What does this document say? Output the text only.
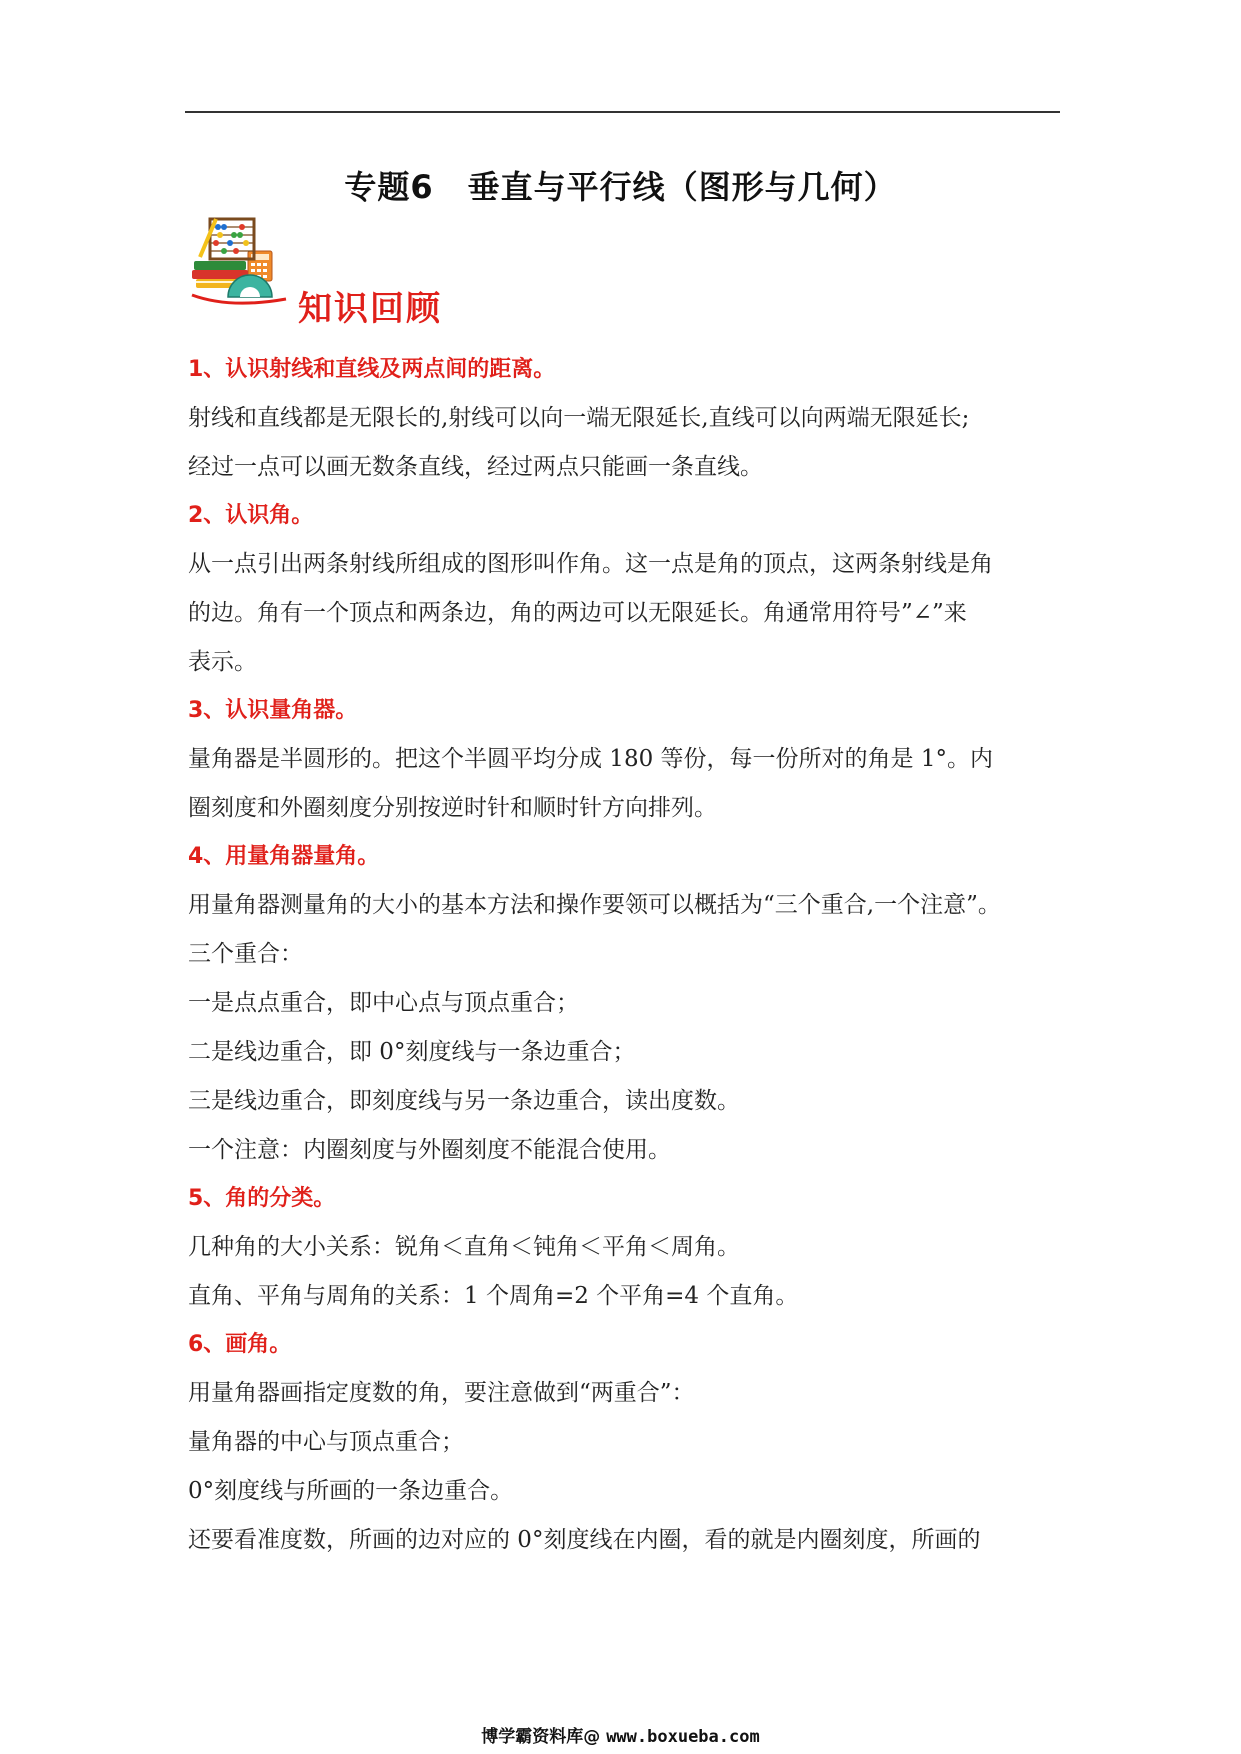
专题6 垂直与平行线（图形与几何）
知识回顾
1、认识射线和直线及两点间的距离。
射线和直线都是无限长的,射线可以向一端无限延长,直线可以向两端无限延长;
经过一点可以画无数条直线，经过两点只能画一条直线。
2、认识角。
从一点引出两条射线所组成的图形叫作角。这一点是角的顶点，这两条射线是角
的边。角有一个顶点和两条边，角的两边可以无限延长。角通常用符号”∠”来
表示。
3、认识量角器。
量角器是半圆形的。把这个半圆平均分成 180 等份，每一份所对的角是 1°。内
圈刻度和外圈刻度分别按逆时针和顺时针方向排列。
4、用量角器量角。
用量角器测量角的大小的基本方法和操作要领可以概括为“三个重合,一个注意”。
三个重合：
一是点点重合，即中心点与顶点重合；
二是线边重合，即 0°刻度线与一条边重合；
三是线边重合，即刻度线与另一条边重合，读出度数。
一个注意：内圈刻度与外圈刻度不能混合使用。
5、角的分类。
几种角的大小关系：锐角＜直角＜钝角＜平角＜周角。
直角、平角与周角的关系：1 个周角=2 个平角=4 个直角。
6、画角。
用量角器画指定度数的角，要注意做到“两重合”：
量角器的中心与顶点重合；
0°刻度线与所画的一条边重合。
还要看准度数，所画的边对应的 0°刻度线在内圈，看的就是内圈刻度，所画的
博学霸资料库@ www.boxueba.com
